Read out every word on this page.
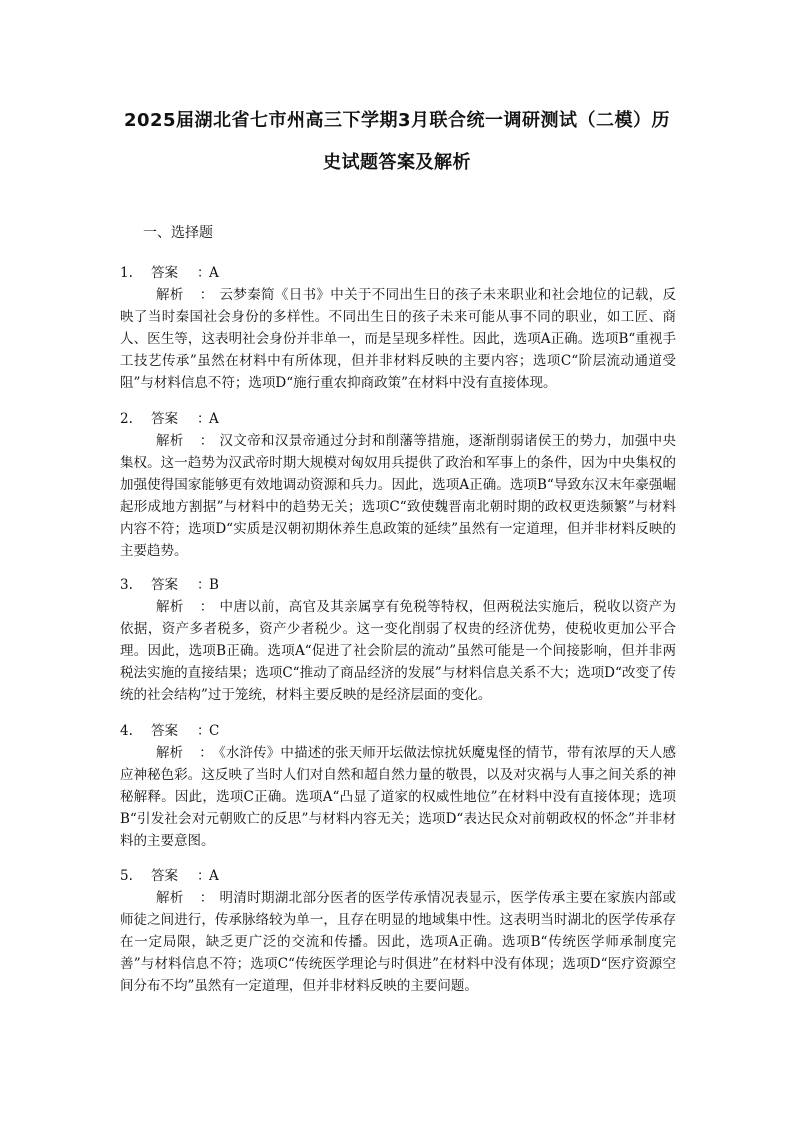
2025届湖北省七市州高三下学期3月联合统一调研测试（二模）历
史试题答案及解析
一、选择题
1. 答案 ：
A

解析 ： 云梦秦简《日书》中关于不同出生日的孩子未来职业和社会地位的记载，反映了当时秦国社会身份的多样性。不同出生日的孩子未来可能从事不同的职业，如工匠、商人、医生等，这表明社会身份并非单一，而是呈现多样性。因此，选项A正确。选项B“重视手工技艺传承”虽然在材料中有所体现，但并非材料反映的主要内容；选项C“阶层流动通道受阻”与材料信息不符；选项D“施行重农抑商政策”在材料中没有直接体现。

2. 答案 ：
A

解析 ： 汉文帝和汉景帝通过分封和削藩等措施，逐渐削弱诸侯王的势力，加强中央集权。这一趋势为汉武帝时期大规模对匈奴用兵提供了政治和军事上的条件，因为中央集权的加强使得国家能够更有效地调动资源和兵力。因此，选项A正确。选项B“导致东汉末年豪强崛起形成地方割据”与材料中的趋势无关；选项C“致使魏晋南北朝时期的政权更迭频繁”与材料内容不符；选项D“实质是汉朝初期休养生息政策的延续”虽然有一定道理，但并非材料反映的主要趋势。

3. 答案 ：
B

解析 ： 中唐以前，高官及其亲属享有免税等特权，但两税法实施后，税收以资产为依据，资产多者税多，资产少者税少。这一变化削弱了权贵的经济优势，使税收更加公平合理。因此，选项B正确。选项A“促进了社会阶层的流动”虽然可能是一个间接影响，但并非两税法实施的直接结果；选项C“推动了商品经济的发展”与材料信息关系不大；选项D“改变了传统的社会结构”过于笼统，材料主要反映的是经济层面的变化。

4. 答案 ：
C

解析 ： 《水浒传》中描述的张天师开坛做法惊扰妖魔鬼怪的情节，带有浓厚的天人感应神秘色彩。这反映了当时人们对自然和超自然力量的敬畏，以及对灾祸与人事之间关系的神秘解释。因此，选项C正确。选项A“凸显了道家的权威性地位”在材料中没有直接体现；选项B“引发社会对元朝败亡的反思”与材料内容无关；选项D“表达民众对前朝政权的怀念”并非材料的主要意图。

5. 答案 ：
A

解析 ： 明清时期湖北部分医者的医学传承情况表显示，医学传承主要在家族内部或师徒之间进行，传承脉络较为单一，且存在明显的地域集中性。这表明当时湖北的医学传承存在一定局限，缺乏更广泛的交流和传播。因此，选项A正确。选项B“传统医学师承制度完善”与材料信息不符；选项C“传统医学理论与时俱进”在材料中没有体现；选项D“医疗资源空间分布不均”虽然有一定道理，但并非材料反映的主要问题。
